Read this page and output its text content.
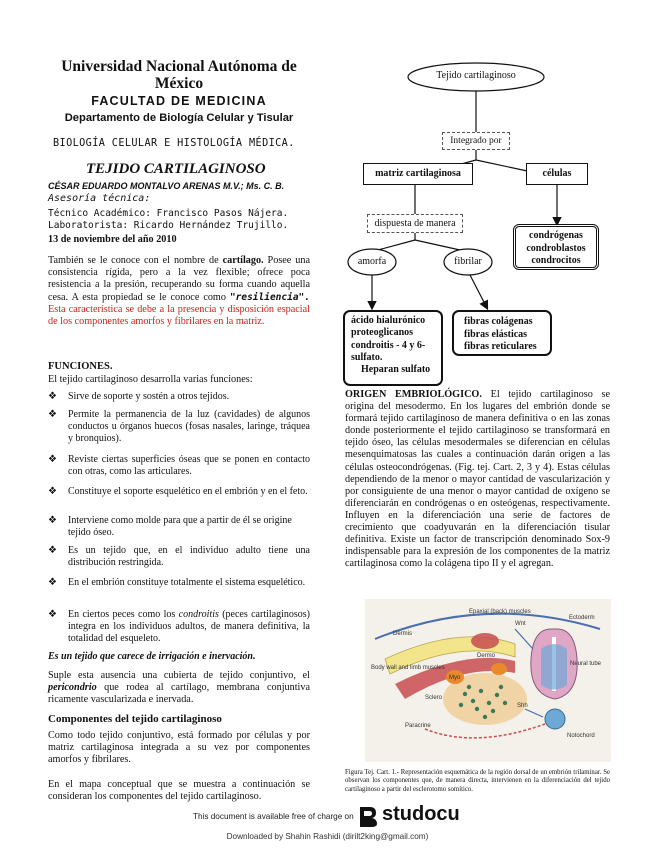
Universidad Nacional Autónoma de México
FACULTAD DE MEDICINA
Departamento de Biología Celular y Tisular
BIOLOGÍA CELULAR E HISTOLOGÍA MÉDICA.
TEJIDO CARTILAGINOSO
CÉSAR EDUARDO MONTALVO ARENAS M.V.; Ms. C. B.
Asesoría técnica:
Técnico Académico: Francisco Pasos Nájera.
Laboratorista: Ricardo Hernández Trujillo.
13 de noviembre del año 2010
También se le conoce con el nombre de cartílago. Posee una consistencia rígida, pero a la vez flexible; ofrece poca resistencia a la presión, recuperando su forma cuando aquella cesa. A esta propiedad se le conoce como "resiliencia". Esta característica se debe a la presencia y disposición espacial de los componentes amorfos y fibrilares en la matriz.
FUNCIONES.
El tejido cartilaginoso desarrolla varias funciones:
❖ Sirve de soporte y sostén a otros tejidos.
❖ Permite la permanencia de la luz (cavidades) de algunos conductos u órganos huecos (fosas nasales, laringe, tráquea y bronquios).
❖ Reviste ciertas superficies óseas que se ponen en contacto con otras, como las articulares.
❖ Constituye el soporte esquelético en el embrión y en el feto.
❖ Interviene como molde para que a partir de él se origine tejido óseo.
❖ Es un tejido que, en el individuo adulto tiene una distribución restringida.
❖ En el embrión constituye totalmente el sistema esquelético.
❖ En ciertos peces como los condroitis (peces cartilaginosos) integra en los individuos adultos, de manera definitiva, la totalidad del esqueleto.
Es un tejido que carece de irrigación e inervación.
Suple esta ausencia una cubierta de tejido conjuntivo, el pericondrio que rodea al cartílago, membrana conjuntiva ricamente vascularizada e inervada.
Componentes del tejido cartilaginoso
Como todo tejido conjuntivo, está formado por células y por matriz cartilaginosa integrada a su vez por componentes amorfos y fibrilares.
En el mapa conceptual que se muestra a continuación se consideran los componentes del tejido cartilaginoso.
Tejido cartilaginoso
Integrado por
matriz cartilaginosa	células
dispuesta de manera
amorfa	fibrilar
condrógenas
condroblastos
condrocitos
ácido hialurónico
proteoglicanos
condroitis - 4 y 6-
sulfato.
Heparan sulfato
fibras colágenas
fibras elásticas
fibras reticulares
ORIGEN EMBRIOLÓGICO. El tejido cartilaginoso se origina del mesodermo. En los lugares del embrión donde se formará tejido cartilaginoso de manera definitiva o en las zonas donde posteriormente el tejido cartilaginoso se transformará en tejido óseo, las células mesodermales se diferencian en células mesenquimatosas las cuales a continuación darán origen a las células osteocondrógenas. (Fig. tej. Cart. 2, 3 y 4). Estas células dependiendo de la menor o mayor cantidad de vascularización y por consiguiente de una menor o mayor cantidad de oxígeno se diferenciarán en condrógenas o en osteógenas, respectivamente. Influyen en la diferenciación una serie de factores de crecimiento que coadyuvarán en la diferenciación tisular definitiva. Existe un factor de transcripción denominado Sox-9 indispensable para la expresión de los componentes de la matriz cartilaginosa como la colágena tipo II y el agregan.
Epaxial (back) muscles
Dermis
Body wall and limb muscles
Myo
Sclero
Ectoderm
Neural tube
Notochord
Wnt
Shh
Paracrine
Dermo
Figura Tej. Cart. 1.- Representación esquemática de la región dorsal de un embrión trilaminar. Se observan los componentes que, de manera directa, intervienen en la diferenciación del tejido cartilaginoso a partir del esclerotomo somítico.
This document is available free of charge on studocu
Downloaded by Shahin Rashidi (dirilt2king@gmail.com)
